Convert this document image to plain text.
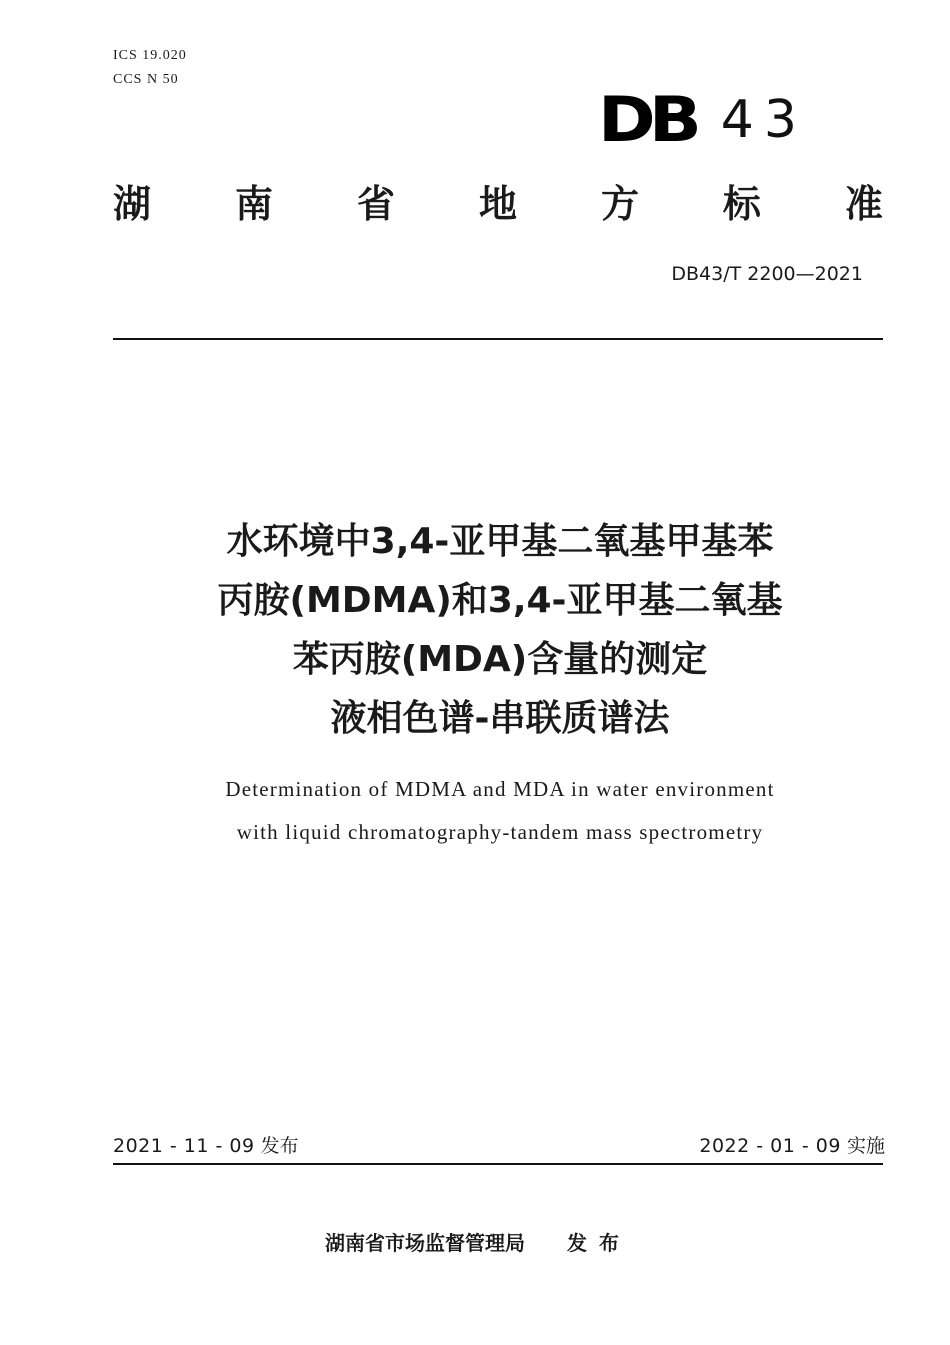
ICS 19.020
CCS N 50
DB 43
湖 南 省 地 方 标 准
DB43/T 2200—2021
水环境中3,4-亚甲基二氧基甲基苯
丙胺(MDMA)和3,4-亚甲基二氧基
苯丙胺(MDA)含量的测定
液相色谱-串联质谱法
Determination of MDMA and MDA in water environment
with liquid chromatography-tandem mass spectrometry
2021 - 11 - 09 发布	2022 - 01 - 09 实施
湖南省市场监督管理局 发布
